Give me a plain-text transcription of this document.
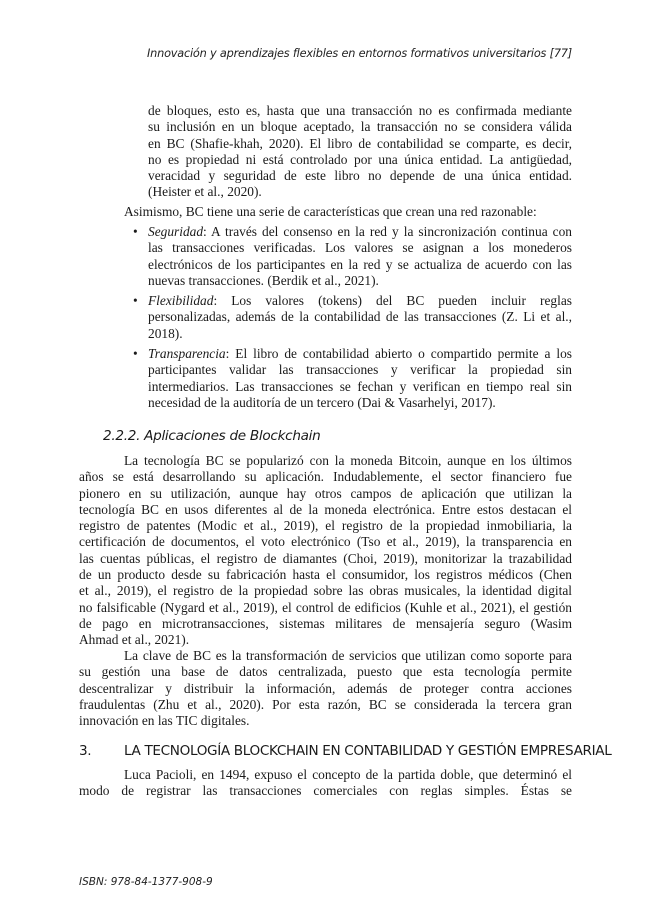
Innovación y aprendizajes flexibles en entornos formativos universitarios [77]
de bloques, esto es, hasta que una transacción no es confirmada mediante
su inclusión en un bloque aceptado, la transacción no se considera válida
en BC (Shafie-khah, 2020). El libro de contabilidad se comparte, es decir,
no es propiedad ni está controlado por una única entidad. La antigüedad,
veracidad y seguridad de este libro no depende de una única entidad.
(Heister et al., 2020).
Asimismo, BC tiene una serie de características que crean una red razonable:
• Seguridad: A través del consenso en la red y la sincronización continua con
las transacciones verificadas. Los valores se asignan a los monederos
electrónicos de los participantes en la red y se actualiza de acuerdo con las
nuevas transacciones. (Berdik et al., 2021).
• Flexibilidad: Los valores (tokens) del BC pueden incluir reglas
personalizadas, además de la contabilidad de las transacciones (Z. Li et al.,
2018).
• Transparencia: El libro de contabilidad abierto o compartido permite a los
participantes validar las transacciones y verificar la propiedad sin
intermediarios. Las transacciones se fechan y verifican en tiempo real sin
necesidad de la auditoría de un tercero (Dai & Vasarhelyi, 2017).
2.2.2. Aplicaciones de Blockchain
La tecnología BC se popularizó con la moneda Bitcoin, aunque en los últimos
años se está desarrollando su aplicación. Indudablemente, el sector financiero fue
pionero en su utilización, aunque hay otros campos de aplicación que utilizan la
tecnología BC en usos diferentes al de la moneda electrónica. Entre estos destacan el
registro de patentes (Modic et al., 2019), el registro de la propiedad inmobiliaria, la
certificación de documentos, el voto electrónico (Tso et al., 2019), la transparencia en
las cuentas públicas, el registro de diamantes (Choi, 2019), monitorizar la trazabilidad
de un producto desde su fabricación hasta el consumidor, los registros médicos (Chen
et al., 2019), el registro de la propiedad sobre las obras musicales, la identidad digital
no falsificable (Nygard et al., 2019), el control de edificios (Kuhle et al., 2021), el gestión
de pago en microtransacciones, sistemas militares de mensajería seguro (Wasim
Ahmad et al., 2021).
La clave de BC es la transformación de servicios que utilizan como soporte para
su gestión una base de datos centralizada, puesto que esta tecnología permite
descentralizar y distribuir la información, además de proteger contra acciones
fraudulentas (Zhu et al., 2020). Por esta razón, BC se considerada la tercera gran
innovación en las TIC digitales.
3. LA TECNOLOGÍA BLOCKCHAIN EN CONTABILIDAD Y GESTIÓN EMPRESARIAL
Luca Pacioli, en 1494, expuso el concepto de la partida doble, que determinó el
modo de registrar las transacciones comerciales con reglas simples. Éstas se
ISBN: 978-84-1377-908-9
